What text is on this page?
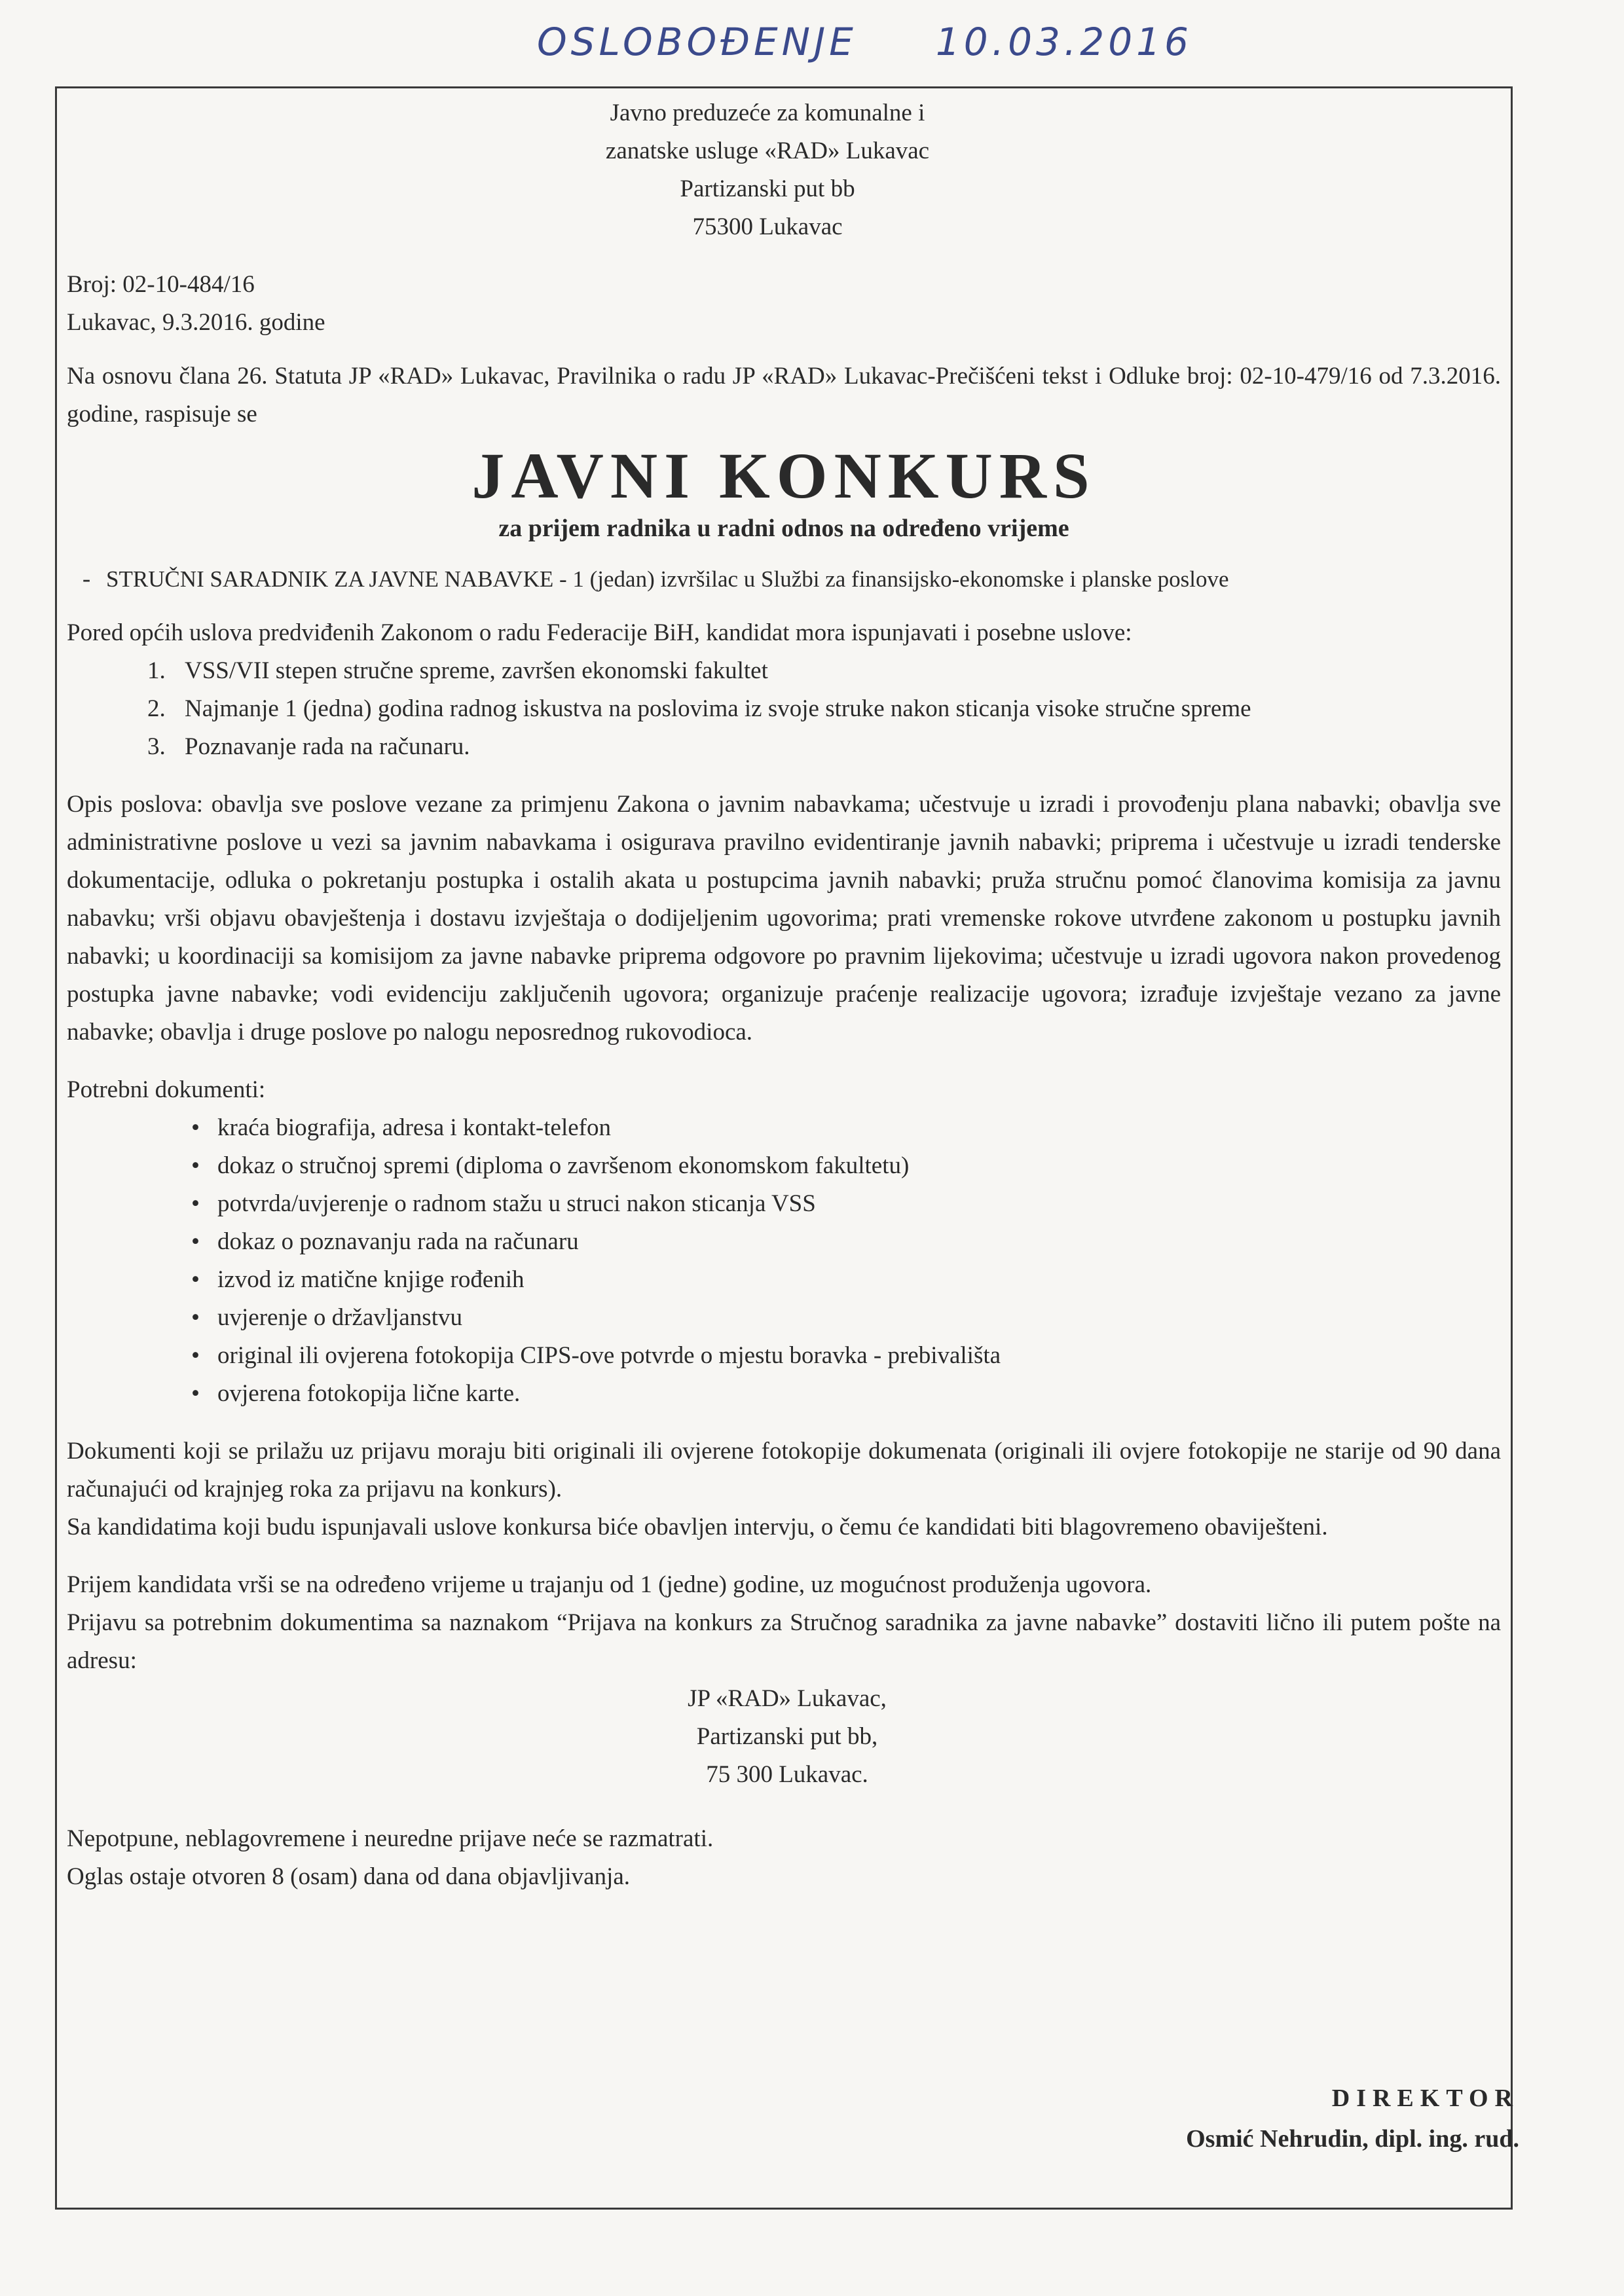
OSLOBOĐENJE 10.03.2016
Javno preduzeće za komunalne i
zanatske usluge «RAD» Lukavac
Partizanski put bb
75300 Lukavac
Broj: 02-10-484/16
Lukavac, 9.3.2016. godine
Na osnovu člana 26. Statuta JP «RAD» Lukavac, Pravilnika o radu JP «RAD» Lukavac-Prečišćeni tekst i Odluke broj: 02-10-479/16 od 7.3.2016. godine, raspisuje se
JAVNI KONKURS
za prijem radnika u radni odnos na određeno vrijeme
- STRUČNI SARADNIK ZA JAVNE NABAVKE - 1 (jedan) izvršilac u Službi za finansijsko-ekonomske i planske poslove
Pored općih uslova predviđenih Zakonom o radu Federacije BiH, kandidat mora ispunjavati i posebne uslove:
1. VSS/VII stepen stručne spreme, završen ekonomski fakultet
2. Najmanje 1 (jedna) godina radnog iskustva na poslovima iz svoje struke nakon sticanja visoke stručne spreme
3. Poznavanje rada na računaru.
Opis poslova: obavlja sve poslove vezane za primjenu Zakona o javnim nabavkama; učestvuje u izradi i provođenju plana nabavki; obavlja sve administrativne poslove u vezi sa javnim nabavkama i osigurava pravilno evidentiranje javnih nabavki; priprema i učestvuje u izradi tenderske dokumentacije, odluka o pokretanju postupka i ostalih akata u postupcima javnih nabavki; pruža stručnu pomoć članovima komisija za javnu nabavku; vrši objavu obavještenja i dostavu izvještaja o dodijeljenim ugovorima; prati vremenske rokove utvrđene zakonom u postupku javnih nabavki; u koordinaciji sa komisijom za javne nabavke priprema odgovore po pravnim lijekovima; učestvuje u izradi ugovora nakon provedenog postupka javne nabavke; vodi evidenciju zaključenih ugovora; organizuje praćenje realizacije ugovora; izrađuje izvještaje vezano za javne nabavke; obavlja i druge poslove po nalogu neposrednog rukovodioca.
Potrebni dokumenti:
• kraća biografija, adresa i kontakt-telefon
• dokaz o stručnoj spremi (diploma o završenom ekonomskom fakultetu)
• potvrda/uvjerenje o radnom stažu u struci nakon sticanja VSS
• dokaz o poznavanju rada na računaru
• izvod iz matične knjige rođenih
• uvjerenje o državljanstvu
• original ili ovjerena fotokopija CIPS-ove potvrde o mjestu boravka - prebivališta
• ovjerena fotokopija lične karte.
Dokumenti koji se prilažu uz prijavu moraju biti originali ili ovjerene fotokopije dokumenata (originali ili ovjere fotokopije ne starije od 90 dana računajući od krajnjeg roka za prijavu na konkurs).
Sa kandidatima koji budu ispunjavali uslove konkursa biće obavljen intervju, o čemu će kandidati biti blagovremeno obaviješteni.
Prijem kandidata vrši se na određeno vrijeme u trajanju od 1 (jedne) godine, uz mogućnost produženja ugovora.
Prijavu sa potrebnim dokumentima sa naznakom “Prijava na konkurs za Stručnog saradnika za javne nabavke” dostaviti lično ili putem pošte na adresu:
JP «RAD» Lukavac,
Partizanski put bb,
75 300 Lukavac.
Nepotpune, neblagovremene i neuredne prijave neće se razmatrati.
Oglas ostaje otvoren 8 (osam) dana od dana objavljivanja.
DIREKTOR
Osmić Nehrudin, dipl. ing. rud.
